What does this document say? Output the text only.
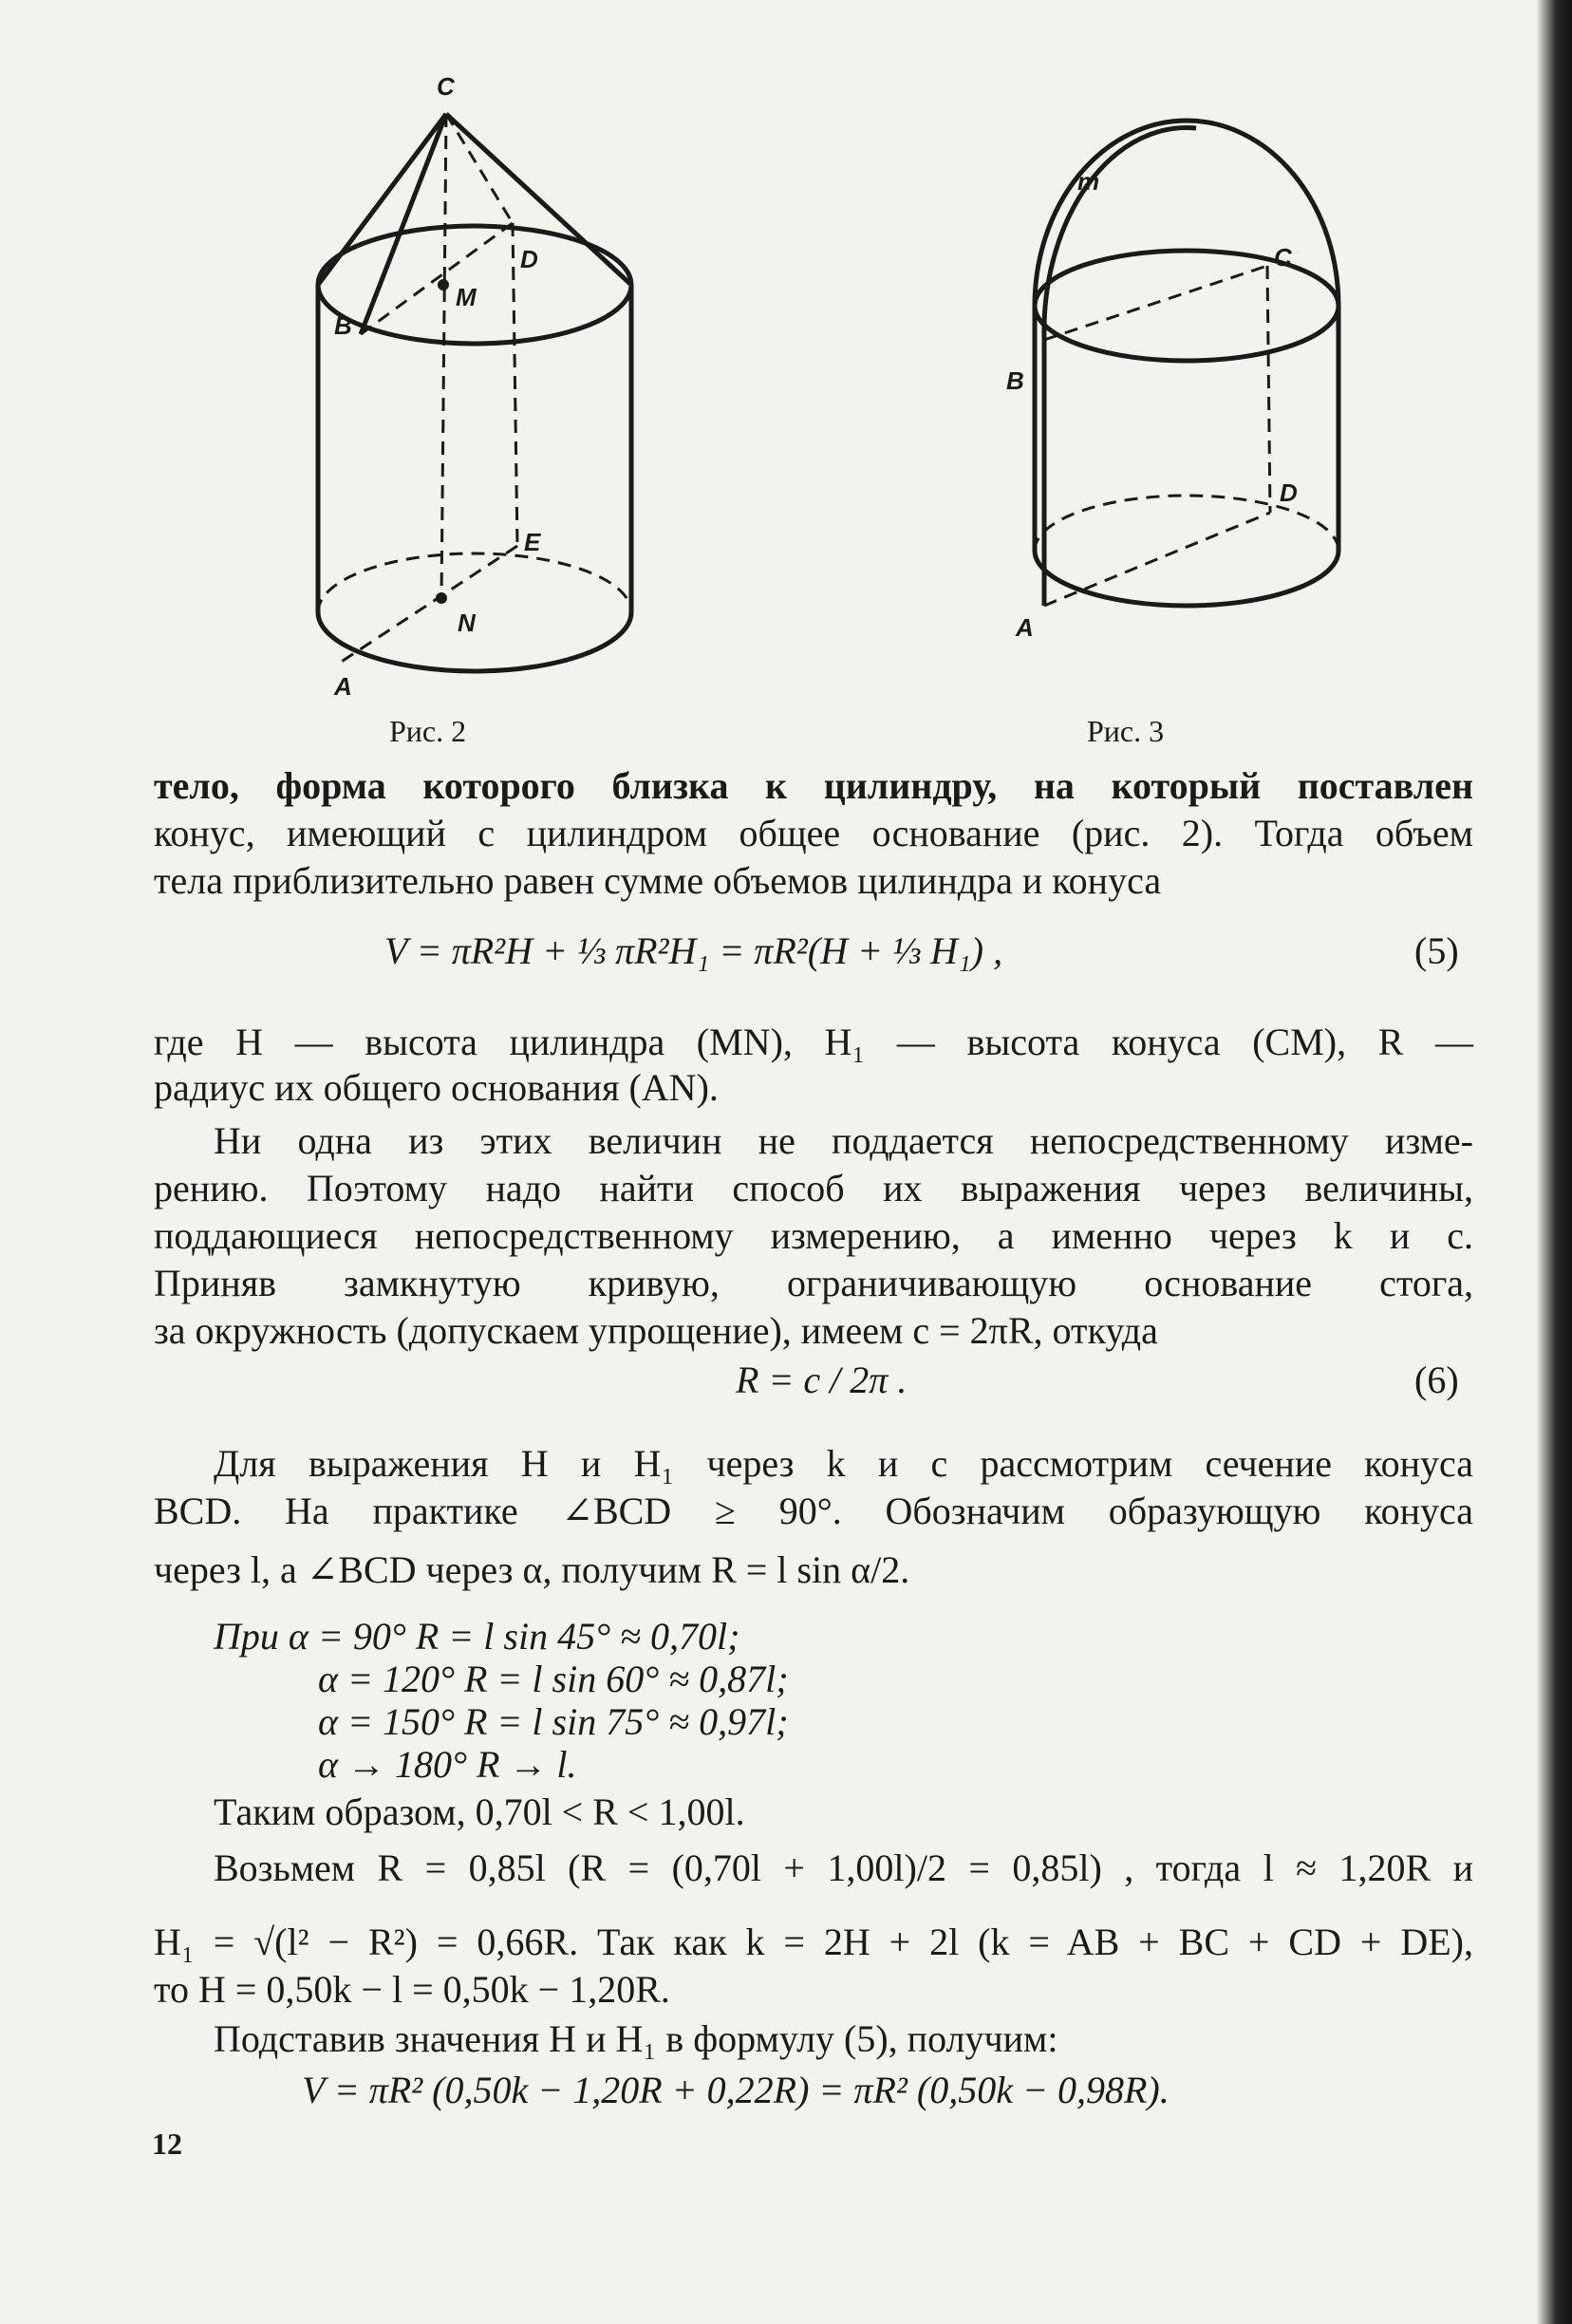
C
D
M
B
E
N
A
Рис. 2
m
C
B
D
A
Рис. 3
тело, форма которого близка к цилиндру, на который поставлен
конус, имеющий с цилиндром общее основание (рис. 2). Тогда объем
тела приблизительно равен сумме объемов цилиндра и конуса
V = πR²H + ⅓ πR²H₁ = πR²(H + ⅓ H₁) ,	(5)
где H — высота цилиндра (MN), H₁ — высота конуса (CM), R —
радиус их общего основания (AN).
Ни одна из этих величин не поддается непосредственному изме-
рению. Поэтому надо найти способ их выражения через величины,
поддающиеся непосредственному измерению, а именно через k и c.
Приняв замкнутую кривую, ограничивающую основание стога,
за окружность (допускаем упрощение), имеем c = 2πR, откуда
R = c / 2π .	(6)
Для выражения H и H₁ через k и c рассмотрим сечение конуса
BCD. На практике ∠BCD ≥ 90°. Обозначим образующую конуса
через l, а ∠BCD через α, получим R = l sin α/2.
При α = 90° R = l sin 45° ≈ 0,70l;
α = 120° R = l sin 60° ≈ 0,87l;
α = 150° R = l sin 75° ≈ 0,97l;
α → 180° R → l.
Таким образом, 0,70l < R < 1,00l.
Возьмем R = 0,85l (R = (0,70l + 1,00l)/2 = 0,85l) , тогда l ≈ 1,20R и
H₁ = √(l² − R²) = 0,66R. Так как k = 2H + 2l (k = AB + BC + CD + DE),
то H = 0,50k − l = 0,50k − 1,20R.
Подставив значения H и H₁ в формулу (5), получим:
V = πR² (0,50k − 1,20R + 0,22R) = πR² (0,50k − 0,98R).
12
